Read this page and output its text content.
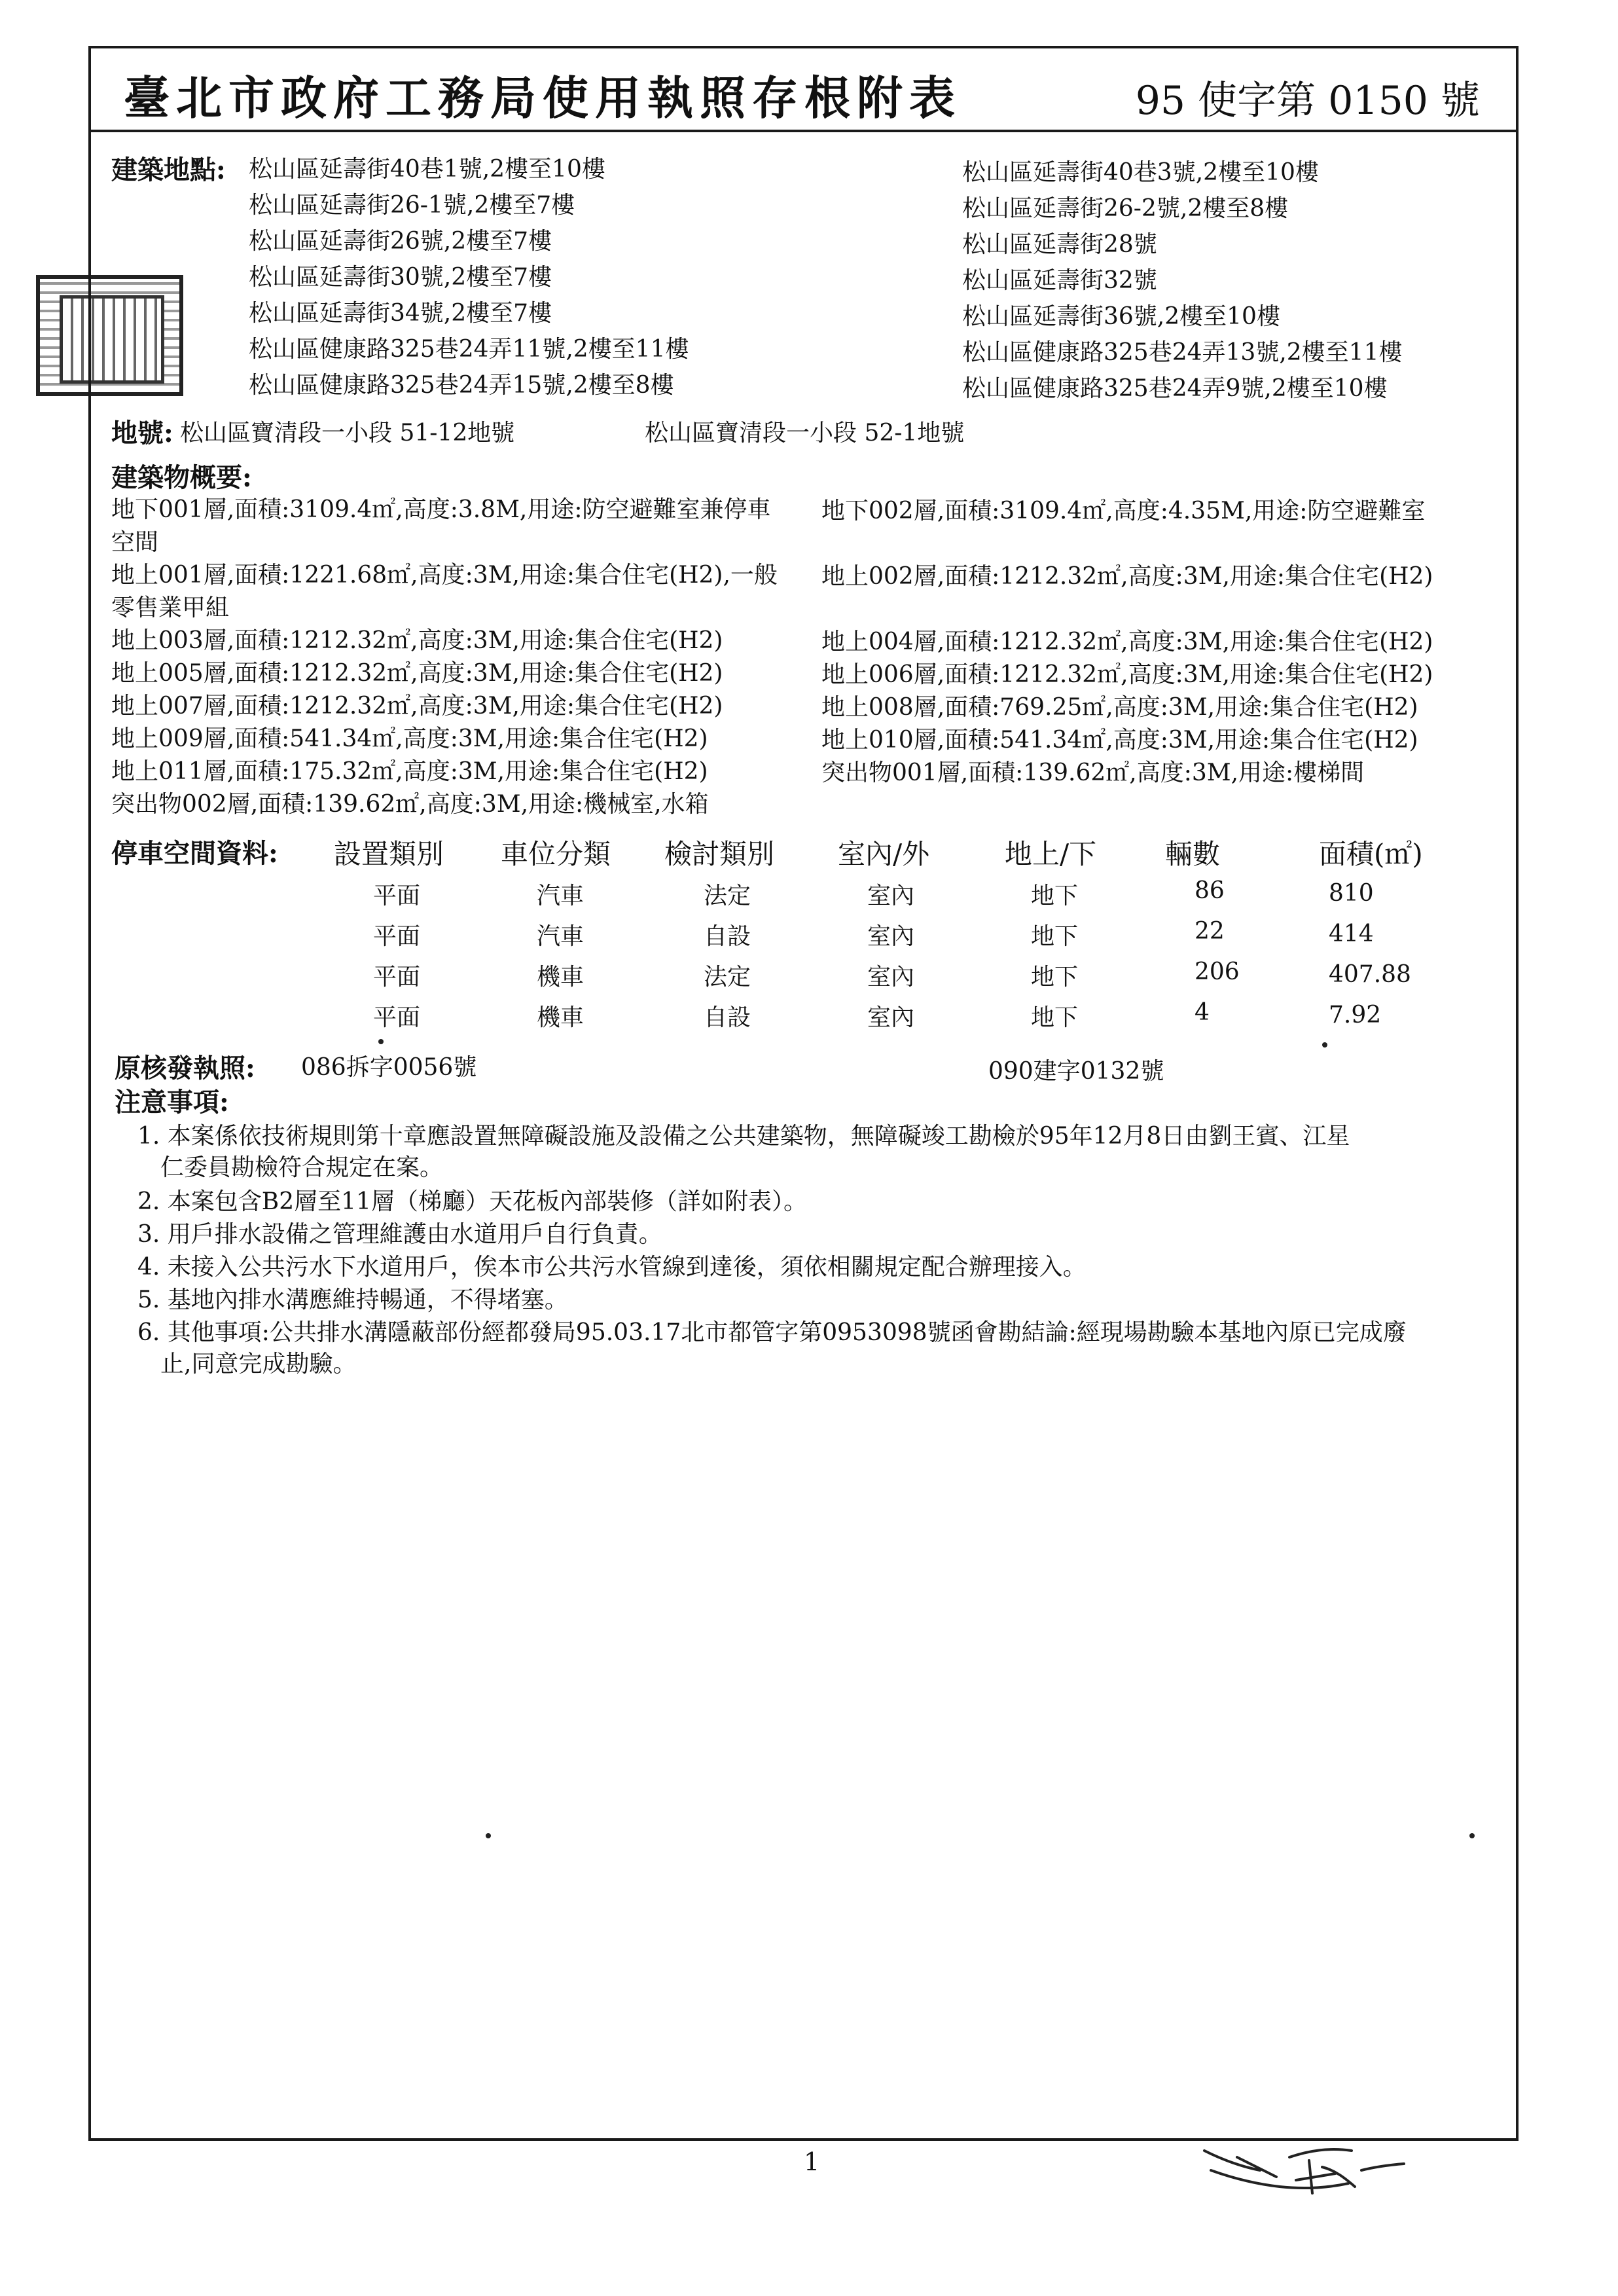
臺北市政府工務局使用執照存根附表	95 使字第 0150 號
建築地點: 松山區延壽街40巷1號,2樓至10樓
松山區延壽街26-1號,2樓至7樓
松山區延壽街26號,2樓至7樓
松山區延壽街30號,2樓至7樓
松山區延壽街34號,2樓至7樓
松山區健康路325巷24弄11號,2樓至11樓
松山區健康路325巷24弄15號,2樓至8樓
松山區延壽街40巷3號,2樓至10樓
松山區延壽街26-2號,2樓至8樓
松山區延壽街28號
松山區延壽街32號
松山區延壽街36號,2樓至10樓
松山區健康路325巷24弄13號,2樓至11樓
松山區健康路325巷24弄9號,2樓至10樓
地號: 松山區寶清段一小段 51-12地號	松山區寶清段一小段 52-1地號
建築物概要:
地下001層,面積:3109.4㎡,高度:3.8M,用途:防空避難室兼停車
空間
地上001層,面積:1221.68㎡,高度:3M,用途:集合住宅(H2),一般
零售業甲組
地上003層,面積:1212.32㎡,高度:3M,用途:集合住宅(H2)
地上005層,面積:1212.32㎡,高度:3M,用途:集合住宅(H2)
地上007層,面積:1212.32㎡,高度:3M,用途:集合住宅(H2)
地上009層,面積:541.34㎡,高度:3M,用途:集合住宅(H2)
地上011層,面積:175.32㎡,高度:3M,用途:集合住宅(H2)
突出物002層,面積:139.62㎡,高度:3M,用途:機械室,水箱
地下002層,面積:3109.4㎡,高度:4.35M,用途:防空避難室
地上002層,面積:1212.32㎡,高度:3M,用途:集合住宅(H2)
地上004層,面積:1212.32㎡,高度:3M,用途:集合住宅(H2)
地上006層,面積:1212.32㎡,高度:3M,用途:集合住宅(H2)
地上008層,面積:769.25㎡,高度:3M,用途:集合住宅(H2)
地上010層,面積:541.34㎡,高度:3M,用途:集合住宅(H2)
突出物001層,面積:139.62㎡,高度:3M,用途:樓梯間
停車空間資料: 設置類別 車位分類 檢討類別 室內/外	地上/下 輛數	面積(㎡)
平面	汽車	法定	室內	地下	86	810
平面	汽車	自設	室內	地下	22	414
平面	機車	法定	室內	地下	206	407.88
平面	機車	自設	室內	地下	4	7.92
原核發執照: 086拆字0056號	090建字0132號
注意事項:
1. 本案係依技術規則第十章應設置無障礙設施及設備之公共建築物，無障礙竣工勘檢於95年12月8日由劉王賓、江星
仁委員勘檢符合規定在案。
2. 本案包含B2層至11層（梯廳）天花板內部裝修（詳如附表）。
3. 用戶排水設備之管理維護由水道用戶自行負責。
4. 未接入公共污水下水道用戶，俟本市公共污水管線到達後，須依相關規定配合辦理接入。
5. 基地內排水溝應維持暢通，不得堵塞。
6. 其他事項:公共排水溝隱蔽部份經都發局95.03.17北市都管字第0953098號函會勘結論:經現場勘驗本基地內原已完成廢
止,同意完成勘驗。
1
